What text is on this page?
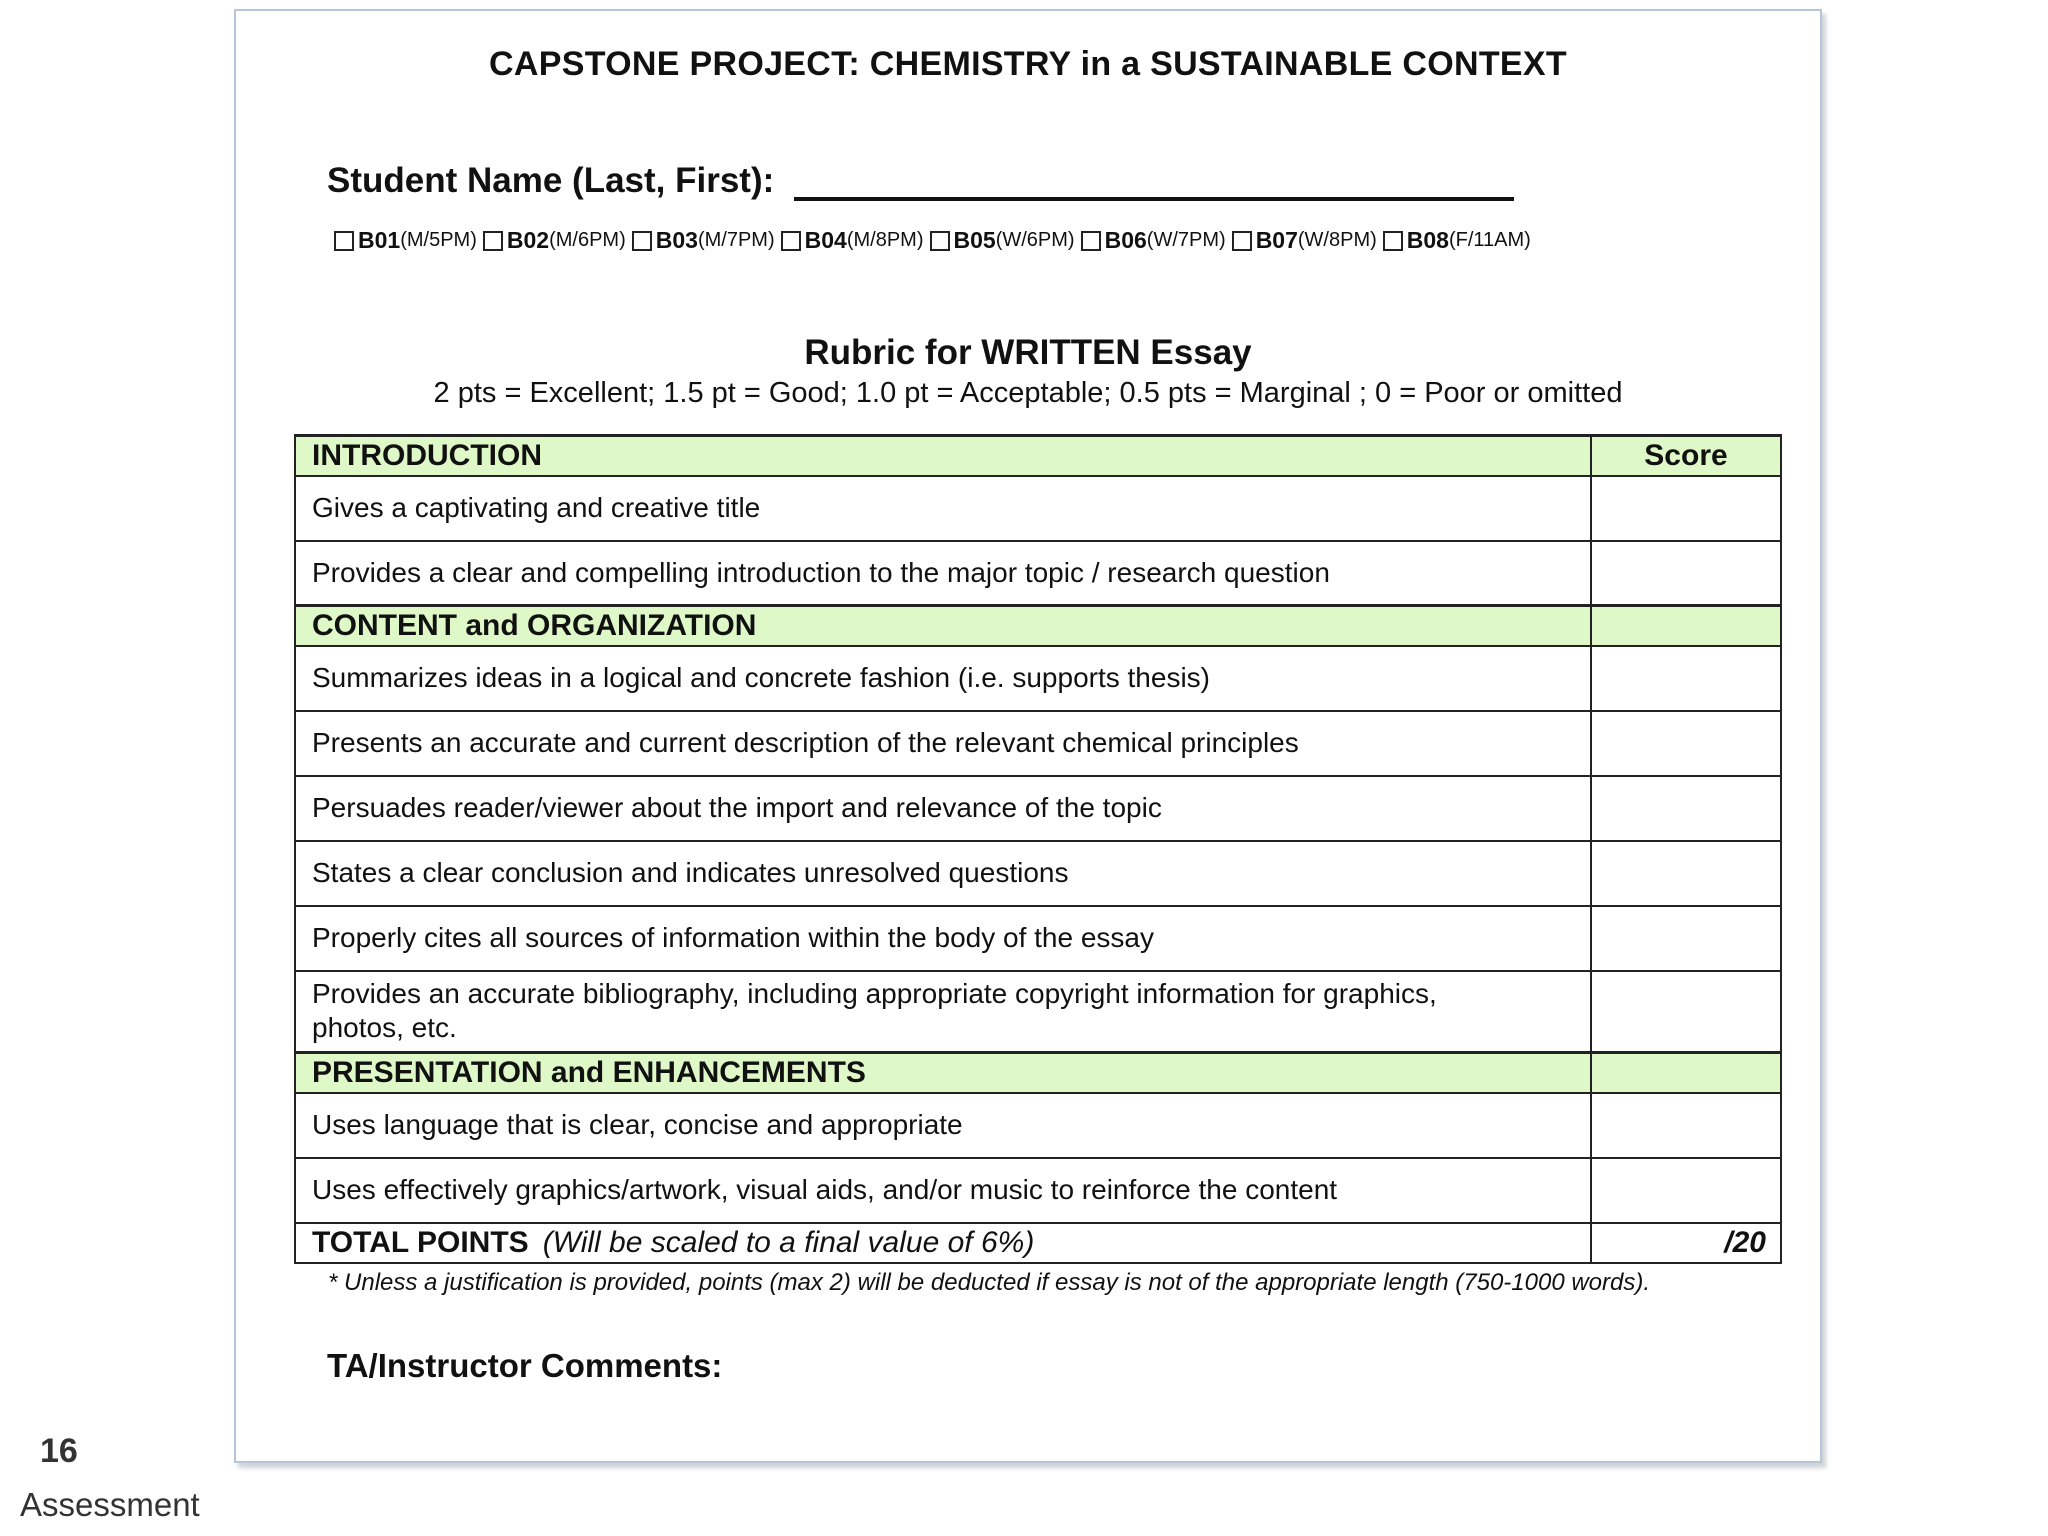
CAPSTONE PROJECT: CHEMISTRY in a SUSTAINABLE CONTEXT
Student Name (Last, First):
B01 (M/5PM) B02 (M/6PM) B03 (M/7PM) B04 (M/8PM) B05 (W/6PM) B06 (W/7PM) B07 (W/8PM) B08 (F/11AM)
Rubric for WRITTEN Essay
2 pts = Excellent; 1.5 pt = Good; 1.0 pt = Acceptable; 0.5 pts = Marginal ; 0 = Poor or omitted
INTRODUCTION	Score
Gives a captivating and creative title	
Provides a clear and compelling introduction to the major topic / research question	
CONTENT and ORGANIZATION	
Summarizes ideas in a logical and concrete fashion (i.e. supports thesis)	
Presents an accurate and current description of the relevant chemical principles	
Persuades reader/viewer about the import and relevance of the topic	
States a clear conclusion and indicates unresolved questions	
Properly cites all sources of information within the body of the essay	
Provides an accurate bibliography, including appropriate copyright information for graphics, photos, etc.	
PRESENTATION and ENHANCEMENTS	
Uses language that is clear, concise and appropriate	
Uses effectively graphics/artwork, visual aids, and/or music to reinforce the content	
TOTAL POINTS (Will be scaled to a final value of 6%)	/20
* Unless a justification is provided, points (max 2) will be deducted if essay is not of the appropriate length (750-1000 words).
TA/Instructor Comments:
16
Assessment
